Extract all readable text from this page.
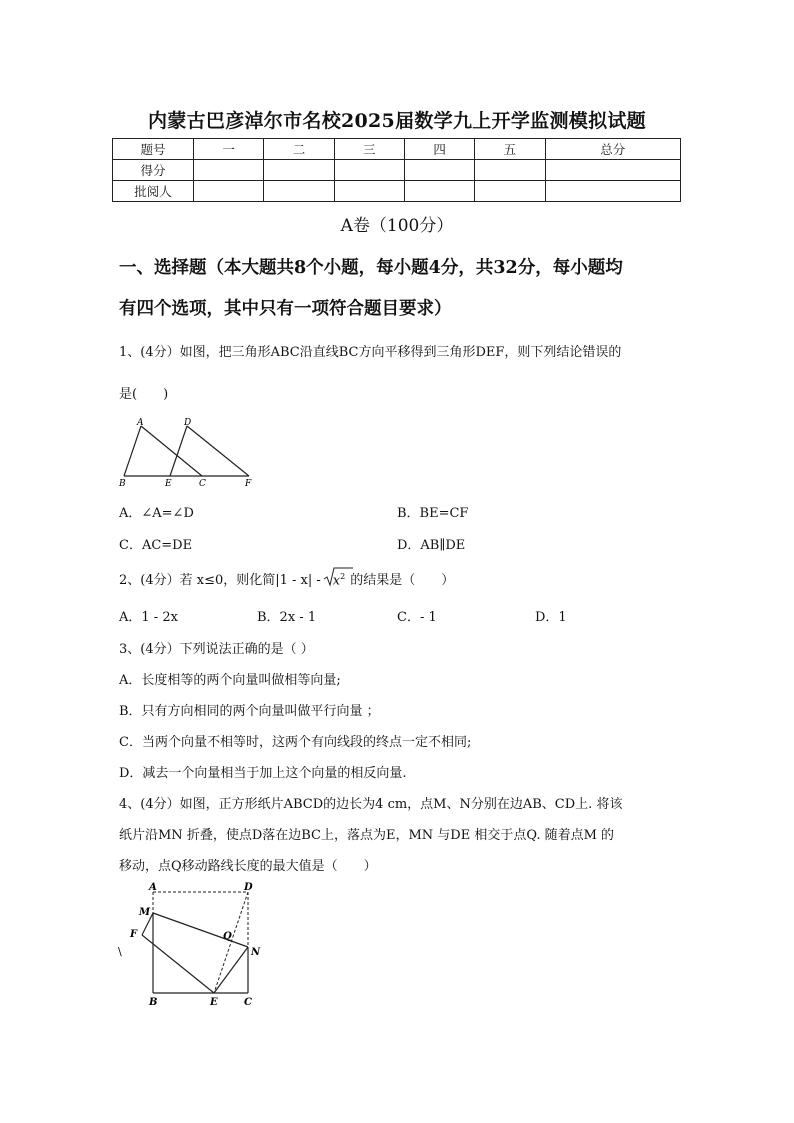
内蒙古巴彦淖尔市名校2025届数学九上开学监测模拟试题
题号	一	二	三	四	五	总分
得分						
批阅人						
A卷（100分）
一、选择题（本大题共8个小题，每小题4分，共32分，每小题均
有四个选项，其中只有一项符合题目要求）
1、(4分）如图，把三角形ABC沿直线BC方向平移得到三角形DEF，则下列结论错误的
是(　　)
A	D
B	E	C	F
A．∠A=∠D	B．BE=CF
C．AC=DE	D．AB∥DE
2、(4分）若 x≤0，则化简$|1 - x| - x^2$ 的结果是（　　）
A．1 - 2x	B．2x - 1	C．- 1	D．1
3、(4分）下列说法正确的是（ ）
A．长度相等的两个向量叫做相等向量;
B．只有方向相同的两个向量叫做平行向量 ；
C．当两个向量不相等时，这两个有向线段的终点一定不相同;
D．减去一个向量相当于加上这个向量的相反向量.
4、(4分）如图，正方形纸片ABCD的边长为4 cm，点M、N分别在边AB、CD上. 将该
纸片沿MN 折叠，使点D落在边BC上，落点为E，MN 与DE 相交于点Q. 随着点M 的
移动，点Q移动路线长度的最大值是（　　）
A	D
M
F	Q
N
B	E	C
\
